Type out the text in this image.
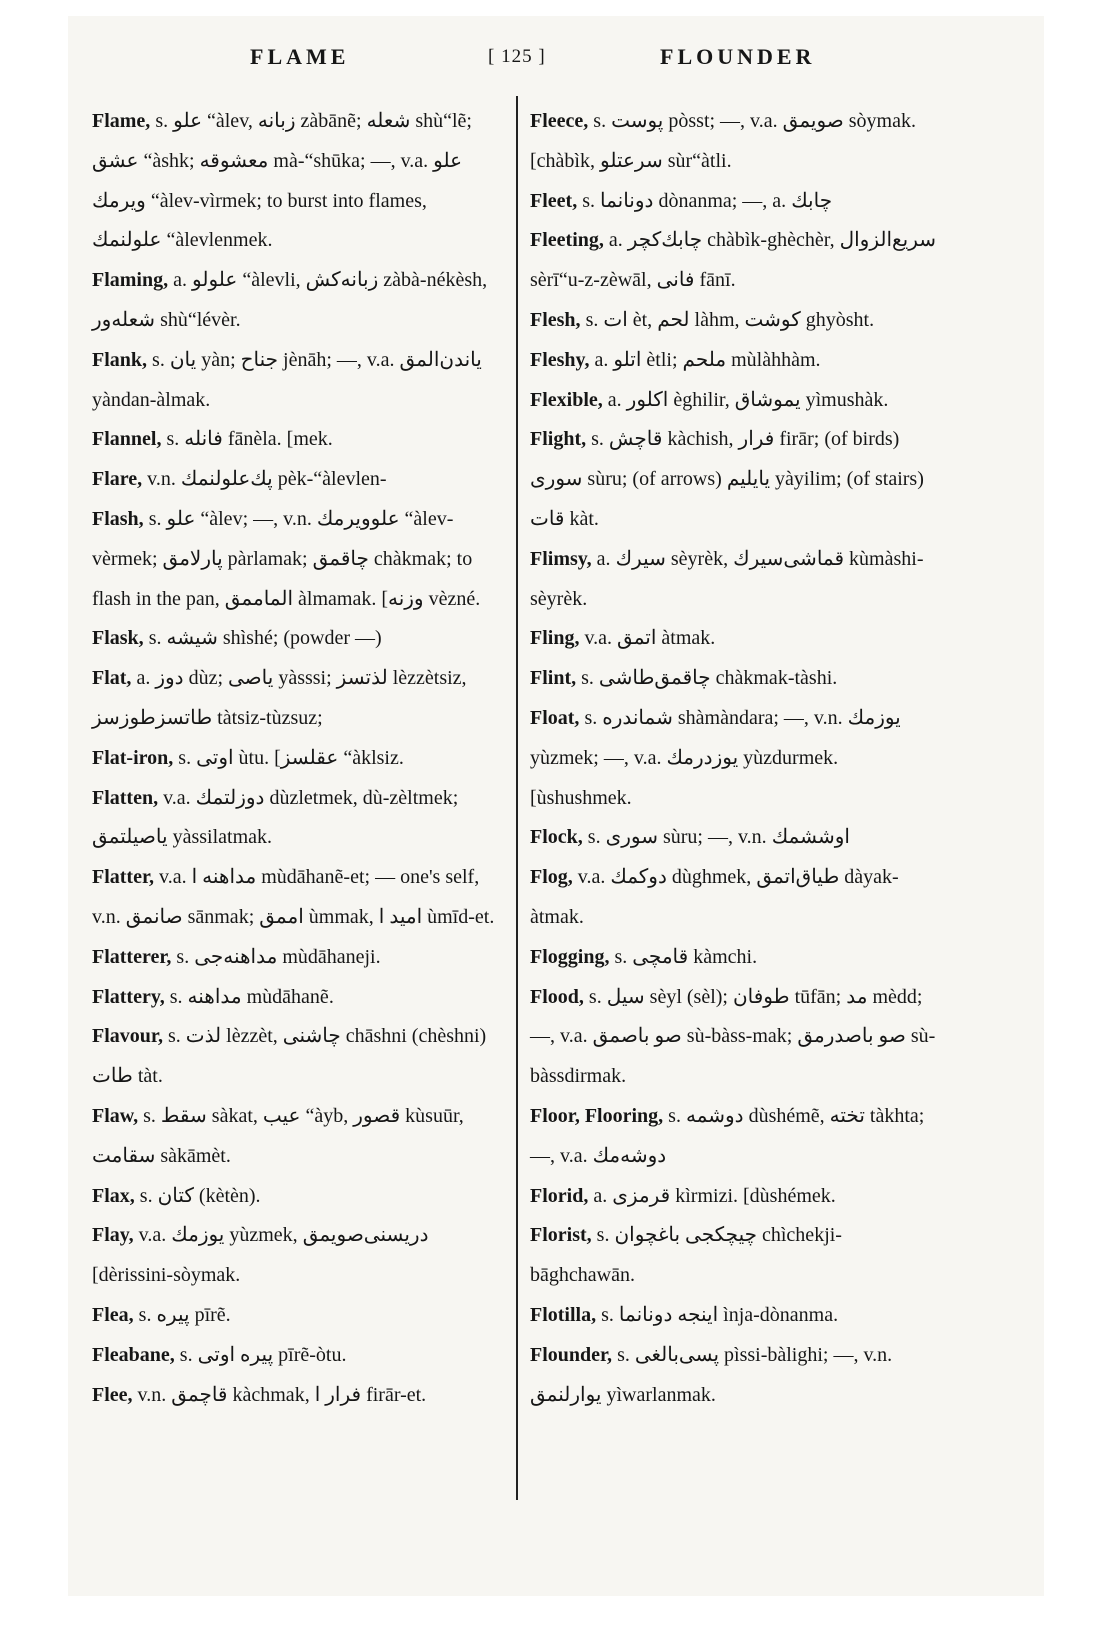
FLAME	[ 125 ]	FLOUNDER
Flame, s. علو “àlev, زبانه zàbānẽ; شعله shù“lẽ; عشق “àshk; معشوقه mà-“shūka; —, v.a. علو ویرمك “àlev-vìrmek; to burst into flames, علولنمك “àlevlenmek.
Flaming, a. علولو “àlevli, زبانه‌كش zàbà-nékèsh, شعله‌ور shù“lévèr.
Flank, s. یان yàn; جناح jènāh; —, v.a. یاندن‌المق yàndan-àlmak.
Flannel, s. فانله fānèla. [mek.
Flare, v.n. پك‌علولنمك pèk-“àlevlen-
Flash, s. علو “àlev; —, v.n. علوویرمك “àlev-vèrmek; پارلامق pàrlamak; چاقمق chàkmak; to flash in the pan, الماممق àlmamak. [وزنه vèzné.
Flask, s. شیشه shìshé; (powder —)
Flat, a. دوز dùz; یاصی yàsssi; لذتسز lèzzètsiz, طاتسز‌طوزسز tàtsiz-tùzsuz;
Flat-iron, s. اوتی ùtu. [عقلسز “àklsiz.
Flatten, v.a. دوزلتمك dùzletmek, dù-zèltmek; یاصیلتمق yàssilatmak.
Flatter, v.a. مداهنه ا mùdāhanẽ-et; — one's self, v.n. صانمق sānmak; اممق ùmmak, امید ا ùmīd-et.
Flatterer, s. مداهنه‌جی mùdāhaneji.
Flattery, s. مداهنه mùdāhanẽ.
Flavour, s. لذت lèzzèt, چاشنی chāshni (chèshni) طات tàt.
Flaw, s. سقط sàkat, عیب “àyb, قصور kùsuūr, سقامت sàkāmèt.
Flax, s. كتان (kètèn).
Flay, v.a. یوزمك yùzmek, دریسنی‌صویمق [dèrissini-sòymak.
Flea, s. پیره pīrẽ.
Fleabane, s. پیره اوتی pīrẽ-òtu.
Flee, v.n. قاچمق kàchmak, فرار ا firār-et.
Fleece, s. پوست pòsst; —, v.a. صویمق sòymak. [chàbìk, سرعتلو sùr“àtli.
Fleet, s. دونانما dònanma; —, a. چابك
Fleeting, a. چابك‌كچر chàbìk-ghèchèr, سریع‌الزوال sèrī“u-z-zèwāl, فانی fānī.
Flesh, s. ات èt, لحم làhm, كوشت ghyòsht.
Fleshy, a. اتلو ètli; ملحم mùlàhhàm.
Flexible, a. اكلور èghilir, یموشاق yìmushàk.
Flight, s. قاچش kàchish, فرار firār; (of birds) سورى sùru; (of arrows) یایلیم yàyilim; (of stairs) قات kàt.
Flimsy, a. سیرك sèyrèk, قماشی‌سیرك kùmàshi-sèyrèk.
Fling, v.a. اتمق àtmak.
Flint, s. چاقمق‌طاشی chàkmak-tàshi.
Float, s. شماندره shàmàndara; —, v.n. یوزمك yùzmek; —, v.a. یوزدرمك yùzdurmek. [ùshushmek.
Flock, s. سورى sùru; —, v.n. اوششمك
Flog, v.a. دوكمك dùghmek, طیاق‌اتمق dàyak-àtmak.
Flogging, s. قامچی kàmchi.
Flood, s. سیل sèyl (sèl); طوفان tūfān; مد mèdd; —, v.a. صو باصمق sù-bàss-mak; صو باصدرمق sù-bàssdirmak.
Floor, Flooring, s. دوشمه dùshémẽ, تخته tàkhta; —, v.a. دوشه‌مك
Florid, a. قرمزی kìrmizi. [dùshémek.
Florist, s. چیچكجی باغچوان chìchekji-bāghchawān.
Flotilla, s. اینجه دونانما ìnja-dònanma.
Flounder, s. پسی‌بالغی pìssi-bàlighi; —, v.n. یوارلنمق yìwarlanmak.
